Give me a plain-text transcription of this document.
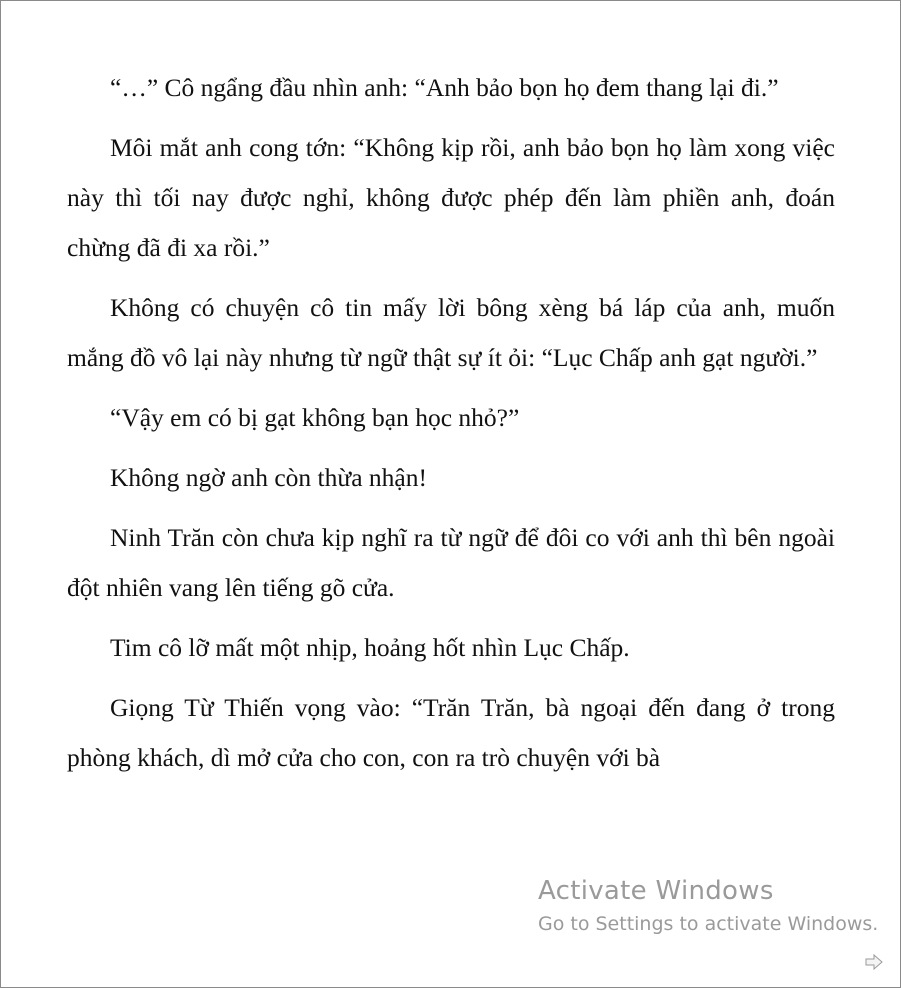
“…” Cô ngẩng đầu nhìn anh: “Anh bảo bọn họ đem thang lại đi.”

Môi mắt anh cong tớn: “Không kịp rồi, anh bảo bọn họ làm xong việc này thì tối nay được nghỉ, không được phép đến làm phiền anh, đoán chừng đã đi xa rồi.”

Không có chuyện cô tin mấy lời bông xèng bá láp của anh, muốn mắng đồ vô lại này nhưng từ ngữ thật sự ít ỏi: “Lục Chấp anh gạt người.”

“Vậy em có bị gạt không bạn học nhỏ?”

Không ngờ anh còn thừa nhận!

Ninh Trăn còn chưa kịp nghĩ ra từ ngữ để đôi co với anh thì bên ngoài đột nhiên vang lên tiếng gõ cửa.

Tim cô lỡ mất một nhịp, hoảng hốt nhìn Lục Chấp.

Giọng Từ Thiến vọng vào: “Trăn Trăn, bà ngoại đến đang ở trong phòng khách, dì mở cửa cho con, con ra trò chuyện với bà

Activate Windows
Go to Settings to activate Windows.
